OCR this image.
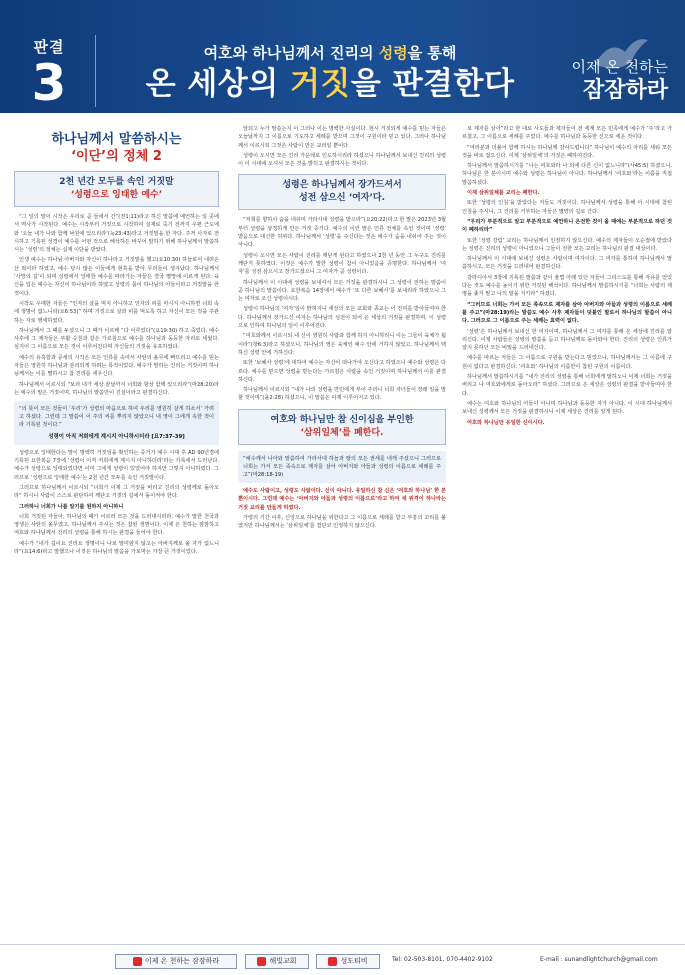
판결
3
여호와 하나님께서 진리의 성령을 통해
온 세상의 거짓을 판결한다	이제 온 천하는
잠잠하라
하나님께서 말씀하시는
‘이단’의 정체 2
2천 년간 모두를 속인 거짓말
‘성령으로 잉태한 예수’

“그 일의 말이 시작은 우리로 곧 들에서 간”(전1:11)라고 하신 말씀에 예언하는 일 곳에서 역사가 시작된다. 예수는 시작부터 거짓으로 시작하여 실재로 죽기 전까지 우편 근도에 와 ‘오늘 내가 나와 함께 낙원에 있으리라’(눅23:43)라고 거짓말을 한 자다. 주저 사자로 전시하고 기록된 성경이 예수를 어떤 것으로 해석하든 바꾸어 말하기 위해 하나님께서 말씀하시는 ‘성령’의 정체는 실재 이단을 받았다.

인생 예수는 하나님 아버지와 자신이 하나라고 거짓말을 했고(요10:30) 하늘로서 내려온 산 떡이라 하였고, 예수 당시 많은 이들에게 현혹을 받아 무리들이 생겨났다. 하나님께서 ‘사망의 길’이 되며 성령에서 잉태한 예수를 따라가는 자들은 결국 멸망에 이르게 된다. 육신을 입은 예수는 자신이 하나님이라 하였고 성령의 몸이 하나님의 아들이라고 거짓말을 한 것이다.

시작도 우매한 자들은 “인자의 살을 먹지 아니하고 인자의 피를 마시지 아니하면 너희 속에 생명이 없느니라(요6:53)” 하며 거짓으로 살과 피를 먹도록 하고 자신이 모든 것을 주관하는 자로 행세하였다.

하나님께서 그 때를 두셨으니 그 때가 이르매 “다 이루었다”(요19:30) 하고 죽었다. 예수 사후에 그 제자들은 부활 승천과 같은 가르침으로 예수를 하나님과 동등한 자리로 세웠다. 심지어 그 이름으로 모든 것이 이루어진다며 자신들의 거짓을 유포하였다.

예수의 유혹함과 공세의 시작은 모든 인류를 속여서 사탄의 올무에 빠뜨리고 예수를 믿는 자들은 영원히 하나님과 분리되게 하려는 목적이었다. 예수가 말하는 진리는 거짓이며 하나님께서는 이를 멸하시고 참 진리를 세우신다.

하나님께서 이르시되 “보라 내가 세상 끝날까지 너희와 항상 함께 있으리라”(마28:20)라는 예수의 말은 거짓이며, 하나님의 말씀만이 진실이라고 판결하신다.

“의 뜻이 모든 것들이 ‘우리’가 성령의 마음으로 하여 우리를 영원히 살게 하소서’ 가려고 하셨다. 그런데 그 말씀이 이 주의 씨를 뿌리지 않았으니 내 영이 그에게 속한 것이라 기록된 것이다.”
성령이 아직 저희에게 계시지 아니하시더라 [요7:37-39]

성령으로 잉태한다는 말이 명백히 거짓임을 확인하는 증거가 예수 시대 후 AD 90년경에 기록된 요한복음 7장에 ‘성령이 아직 저희에게 계시지 아니하더라’라는 기록에서 드러난다. 예수가 성령으로 잉태되었다면 이미 그에게 성령이 있었어야 하지만 그렇지 아니하였다. 그러므로 ‘성령으로 잉태한 예수’는 2천 년간 모두를 속인 거짓말이다.

그러므로 하나님께서 이르시되 “너희가 이제 그 거짓을 버리고 진리의 성령께로 돌아오라” 하시니 사람이 스스로 판단하여 깨닫고 거짓의 길에서 돌이켜야 한다.

그러하니 너희가 나를 알기를 원하지 아니하니

너희 거짓된 자들아, 하나님의 때가 이르러 모든 것을 드러내시리라. 예수가 말한 천국과 영생은 사탄의 올무였고, 하나님께서 주시는 것은 참된 생명이다. 이제 온 천하는 잠잠하고 여호와 하나님께서 진리의 성령을 통해 하시는 판결을 들어야 한다.

예수가 “내가 길이요 진리요 생명이니 나로 말미암지 않고는 아버지께로 올 자가 없느니라”(요14:6)라고 말했으나 이것은 하나님의 말씀을 가로막는 가장 큰 거짓이었다.

앞되고 누가 말씀는지 이 그러나 이는 명백한 사실이다. 현시 거짓되게 예수를 믿는 자들은 오늘날까지 그 이름으로 기도하고 세례를 받으며 그것이 구원이라 믿고 있다. 그러나 하나님께서 이르시되 그것은 사람이 만든 교리일 뿐이다.

성령이 오시면 모든 진리 가운데로 인도하시리라 하셨으니 하나님께서 보내신 진리의 성령이 이 시대에 오셔서 모든 것을 밝히고 판결하시는 것이다.

성령은 하나님께서 장가드셔서
성전 삼으신 ‘여자’다.

“저희를 향하사 숨을 내쉬며 가라사대 성령을 받으라”(요20:22)라고 한 말은 2023년 3월부터 성령을 상징하게 만든 거짓 증거다. 예수의 이런 말은 인류 전체를 속인 것이며 ‘성령’ 받음으로 대신한 허위다. 하나님께서 ‘성령’을 주신다는 것은 예수가 숨을 내쉬어 주는 것이 아니다.

성령이 오시면 모든 사람이 진리를 깨닫게 된다고 하였으나 2천 년 동안 그 누구도 진리를 깨닫지 못하였다. 이것은 예수가 말한 성령이 참이 아니었음을 증명한다. 하나님께서 ‘여자’를 성전 삼으시고 장가드셨으니 그 여자가 곧 성령이다.

하나님께서 이 시대에 성령을 보내셔서 모든 거짓을 판결하시니 그 성령이 전하는 말씀이 곧 하나님의 말씀이다. 요한복음 14장에서 예수가 ‘또 다른 보혜사’를 보내리라 하였으니 그는 여자로 오신 성령이시다.

성령이 하나님의 ‘여자’임이 밝혀지니 세상의 모든 교회와 종교는 이 진리를 받아들여야 한다. 하나님께서 장가드신 여자는 하나님의 성전이 되어 온 세상의 거짓을 판결하며, 이 성령으로 인하여 하나님의 일이 이루어진다.

“여호와께서 이르시되 내 신이 영원히 사람과 함께 하지 아니하리니 이는 그들이 육체가 됨이라”(창6:3)라고 하셨으니, 하나님의 영은 육체인 예수 안에 거하지 않았고, 하나님께서 택하신 성령 안에 거하신다.

또한 ‘보혜사 성령’에 대하여 예수는 자신이 떠나가야 오신다고 하였으니 예수와 성령은 다르다. 예수를 믿으면 성령을 받는다는 가르침은 사람을 속인 거짓이며 하나님께서 이를 판결하신다.

하나님께서 이르시되 “내가 나의 성령을 만민에게 부어 주리니 너희 자녀들이 장래 일을 말할 것이며”(욜2:28) 하셨으니, 이 말씀은 이제 이루어지고 있다.

여호와 하나님만 참 신이심을 부인한
‘삼위일체’를 폐한다.
“예수께서 나아와 말씀하여 가라사대 하늘과 땅의 모든 권세를 내게 주셨으니 그러므로 너희는 가서 모든 족속으로 제자를 삼아 아버지와 아들과 성령의 이름으로 세례를 주고”(마28:18-19)

예수도 사람이고, 성령도 사람이다. 신이 아니다. 유일하신 참 신은 ‘여호와 하나님’ 한 분뿐이시다. 그런데 예수는 ‘아버지와 아들과 성령의 이름으로’라고 하여 세 위격이 하나라는 거짓 교리를 만들게 하였다.

가령의 기간 이후, 신앙으로 하나님을 위한다고 그 이름으로 세례를 받고 부흥의 꼬리를 붙였지만 하나님께서는 ‘삼위일체’를 결단코 인정하지 않으신다.

로 제자를 삼아”라고 한 대로 사도들과 제자들이 전 세계 모든 민족에게 예수가 ‘주’라고 가르쳤고, 그 이름으로 세례를 주었다. 예수를 하나님과 동등한 신으로 세운 것이다.

“여러분과 더불어 함께 하시는 하나님께 감사드립니다” 하나님이 예수의 자리를 세워 모든 것을 바로 잡으신다. 이제 ‘삼위일체’의 거짓은 폐하여진다.

하나님께서 말씀하시기를 “나는 여호와라 나 외에 다른 신이 없느니라”(사45:5) 하셨으니, 하나님은 한 분이시며 예수와 성령은 하나님이 아니다. 하나님께서 ‘여호와’라는 이름을 직접 말씀하셨다.

이제 삼위일체를 교리는 폐한다.

또한 ‘성령의 인침’을 받았다는 자들도 거짓이다. 하나님께서 성령을 통해 이 시대에 참된 인침을 주시니, 그 진리를 거부하는 자들은 멸망의 길로 간다.

“우리가 부분적으로 알고 부분적으로 예언하니 온전한 것이 올 때에는 부분적으로 하던 것이 폐하리라”

또한 ‘성령 강림’ 교리는 하나님께서 인정하지 않으신다. 예수의 제자들이 오순절에 받았다는 성령은 진리의 성령이 아니었으니 그들이 전한 모든 교리는 하나님의 판결 대상이다.

하나님께서 이 시대에 보내신 성령은 사람이며 여자이다. 그 여자를 통하여 하나님께서 말씀하시고, 모든 거짓을 드러내어 판결하신다.

갈라디아서 3장에 기록된 말씀과 같이 율법 아래 있던 자들이 그리스도를 통해 자유를 얻었다는 것도 예수를 높이기 위한 거짓된 해석이다. 하나님께서 말씀하시기를 “너희는 사람의 계명을 좇지 말고 나의 말을 지키라” 하셨다.

“그러므로 너희는 가서 모든 족속으로 제자를 삼아 아버지와 아들과 성령의 이름으로 세례를 주고”(마28:19)라는 말씀도 예수 사후 제자들이 덧붙인 말로서 하나님의 말씀이 아니다. 그러므로 그 이름으로 주는 세례는 효력이 없다.

‘성령’은 하나님께서 보내신 한 여자이며, 하나님께서 그 여자를 통해 온 세상에 진리를 알리신다. 이제 사람들은 성령의 말씀을 듣고 하나님께로 돌아와야 한다. 진리의 성령은 인류가 알지 못하던 모든 비밀을 드러내신다.

예수를 따르는 자들은 그 이름으로 구원을 받는다고 믿었으나, 하나님께서는 그 이름에 구원이 없다고 판결하신다. ‘여호와’ 하나님의 이름만이 참된 구원의 이름이다.

하나님께서 말씀하시기를 “내가 진리의 성령을 통해 너희에게 말하노니 이제 너희는 거짓을 버리고 나 여호와에게로 돌아오라” 하셨다. 그러므로 온 세상은 성령의 판결을 받아들여야 한다.

예수는 여호와 하나님의 아들이 아니며 하나님과 동등한 자가 아니다. 이 시대 하나님께서 보내신 성령께서 모든 거짓을 판결하시니 이제 세상은 진리를 알게 된다.

여호와 하나님만 유일한 신이시다.

이제 온 천하는 잠잠하라	해빛교회	성도티비	Tel: 02-503-8101, 070-4402-9102	E-mail : sunandlightchurch@gmail.com
